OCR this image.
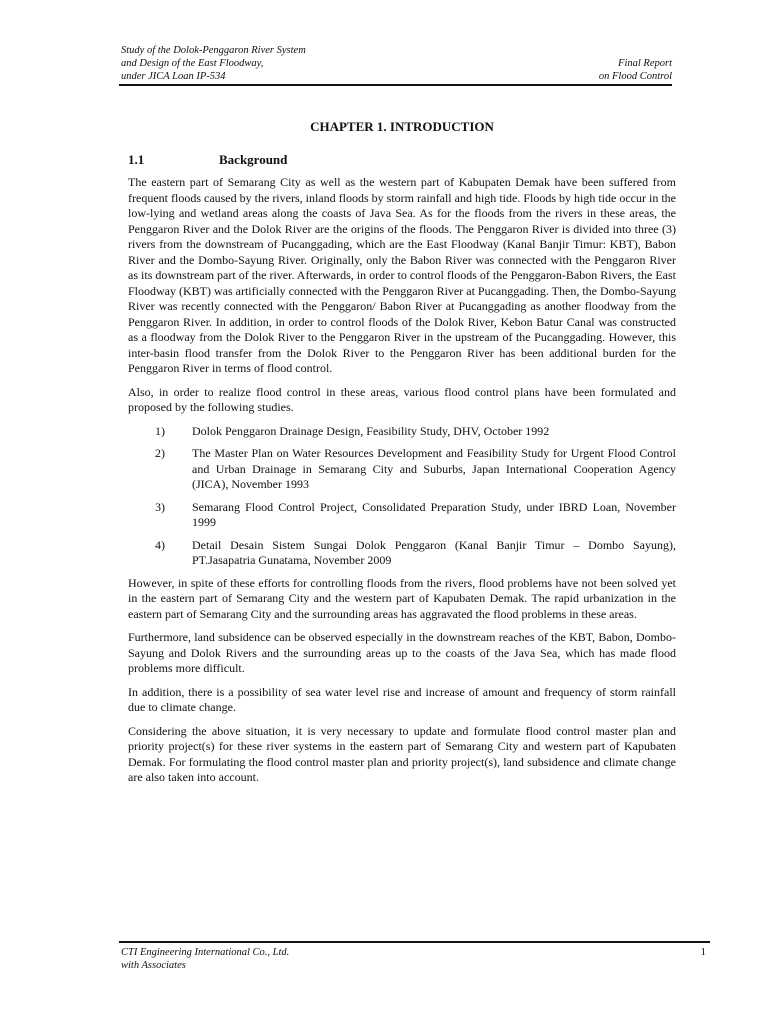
Study of the Dolok-Penggaron River System
and Design of the East Floodway,
under JICA Loan IP-534
Final Report
on Flood Control
CHAPTER 1. INTRODUCTION
1.1	Background

The eastern part of Semarang City as well as the western part of Kabupaten Demak have been suffered from frequent floods caused by the rivers, inland floods by storm rainfall and high tide. Floods by high tide occur in the low-lying and wetland areas along the coasts of Java Sea. As for the floods from the rivers in these areas, the Penggaron River and the Dolok River are the origins of the floods. The Penggaron River is divided into three (3) rivers from the downstream of Pucanggading, which are the East Floodway (Kanal Banjir Timur: KBT), Babon River and the Dombo-Sayung River. Originally, only the Babon River was connected with the Penggaron River as its downstream part of the river. Afterwards, in order to control floods of the Penggaron-Babon Rivers, the East Floodway (KBT) was artificially connected with the Penggaron River at Pucanggading. Then, the Dombo-Sayung River was recently connected with the Penggaron/ Babon River at Pucanggading as another floodway from the Penggaron River. In addition, in order to control floods of the Dolok River, Kebon Batur Canal was constructed as a floodway from the Dolok River to the Penggaron River in the upstream of the Pucanggading. However, this inter-basin flood transfer from the Dolok River to the Penggaron River has been additional burden for the Penggaron River in terms of flood control.

Also, in order to realize flood control in these areas, various flood control plans have been formulated and proposed by the following studies.

1) Dolok Penggaron Drainage Design, Feasibility Study, DHV, October 1992
2) The Master Plan on Water Resources Development and Feasibility Study for Urgent Flood Control and Urban Drainage in Semarang City and Suburbs, Japan International Cooperation Agency (JICA), November 1993
3) Semarang Flood Control Project, Consolidated Preparation Study, under IBRD Loan, November 1999
4) Detail Desain Sistem Sungai Dolok Penggaron (Kanal Banjir Timur – Dombo Sayung), PT.Jasapatria Gunatama, November 2009

However, in spite of these efforts for controlling floods from the rivers, flood problems have not been solved yet in the eastern part of Semarang City and the western part of Kapubaten Demak. The rapid urbanization in the eastern part of Semarang City and the surrounding areas has aggravated the flood problems in these areas.

Furthermore, land subsidence can be observed especially in the downstream reaches of the KBT, Babon, Dombo-Sayung and Dolok Rivers and the surrounding areas up to the coasts of the Java Sea, which has made flood problems more difficult.

In addition, there is a possibility of sea water level rise and increase of amount and frequency of storm rainfall due to climate change.

Considering the above situation, it is very necessary to update and formulate flood control master plan and priority project(s) for these river systems in the eastern part of Semarang City and western part of Kapubaten Demak. For formulating the flood control master plan and priority project(s), land subsidence and climate change are also taken into account.

CTI Engineering International Co., Ltd.
with Associates
1
